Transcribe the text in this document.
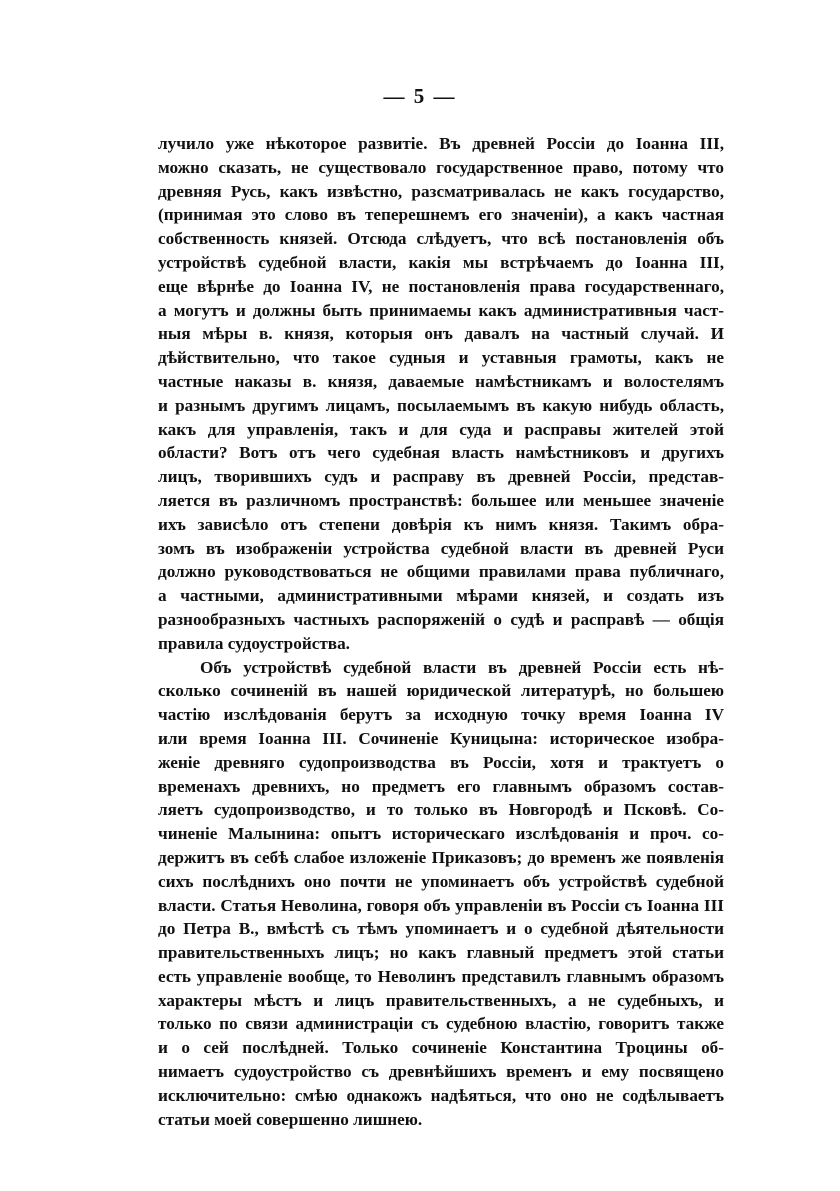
— 5 —
лучило уже нѣкоторое развитіе. Въ древней Россіи до Іоанна III,
можно сказать, не существовало государственное право, потому что
древняя Русь, какъ извѣстно, разсматривалась не какъ государство,
(принимая это слово въ теперешнемъ его значеніи), а какъ частная
собственность князей. Отсюда слѣдуетъ, что всѣ постановленія объ
устройствѣ судебной власти, какія мы встрѣчаемъ до Іоанна III,
еще вѣрнѣе до Іоанна IV, не постановленія права государственнаго,
а могутъ и должны быть принимаемы какъ административныя част-
ныя мѣры в. князя, которыя онъ давалъ на частный случай. И
дѣйствительно, что такое судныя и уставныя грамоты, какъ не
частные наказы в. князя, даваемые намѣстникамъ и волостелямъ
и разнымъ другимъ лицамъ, посылаемымъ въ какую нибудь область,
какъ для управленія, такъ и для суда и расправы жителей этой
области? Вотъ отъ чего судебная власть намѣстниковъ и другихъ
лицъ, творившихъ судъ и расправу въ древней Россіи, представ-
ляется въ различномъ пространствѣ: большее или меньшее значеніе
ихъ зависѣло отъ степени довѣрія къ нимъ князя. Такимъ обра-
зомъ въ изображеніи устройства судебной власти въ древней Руси
должно руководствоваться не общими правилами права публичнаго,
а частными, административными мѣрами князей, и создать изъ
разнообразныхъ частныхъ распоряженій о судѣ и расправѣ — общія
правила судоустройства.
Объ устройствѣ судебной власти въ древней Россіи есть нѣ-
сколько сочиненій въ нашей юридической литературѣ, но большею
частію изслѣдованія берутъ за исходную точку время Іоанна IV
или время Іоанна III. Сочиненіе Куницына: историческое изобра-
женіе древняго судопроизводства въ Россіи, хотя и трактуетъ о
временахъ древнихъ, но предметъ его главнымъ образомъ состав-
ляетъ судопроизводство, и то только въ Новгородѣ и Псковѣ. Со-
чиненіе Малынина: опытъ историческаго изслѣдованія и проч. со-
держитъ въ себѣ слабое изложеніе Приказовъ; до временъ же появленія
сихъ послѣднихъ оно почти не упоминаетъ объ устройствѣ судебной
власти. Статья Неволина, говоря объ управленіи въ Россіи съ Іоанна III
до Петра В., вмѣстѣ съ тѣмъ упоминаетъ и о судебной дѣятельности
правительственныхъ лицъ; но какъ главный предметъ этой статьи
есть управленіе вообще, то Неволинъ представилъ главнымъ образомъ
характеры мѣстъ и лицъ правительственныхъ, а не судебныхъ, и
только по связи администраціи съ судебною властію, говоритъ также
и о сей послѣдней. Только сочиненіе Константина Троцины об-
нимаетъ судоустройство съ древнѣйшихъ временъ и ему посвящено
исключительно: смѣю однакожъ надѣяться, что оно не содѣлываетъ
статьи моей совершенно лишнею.
